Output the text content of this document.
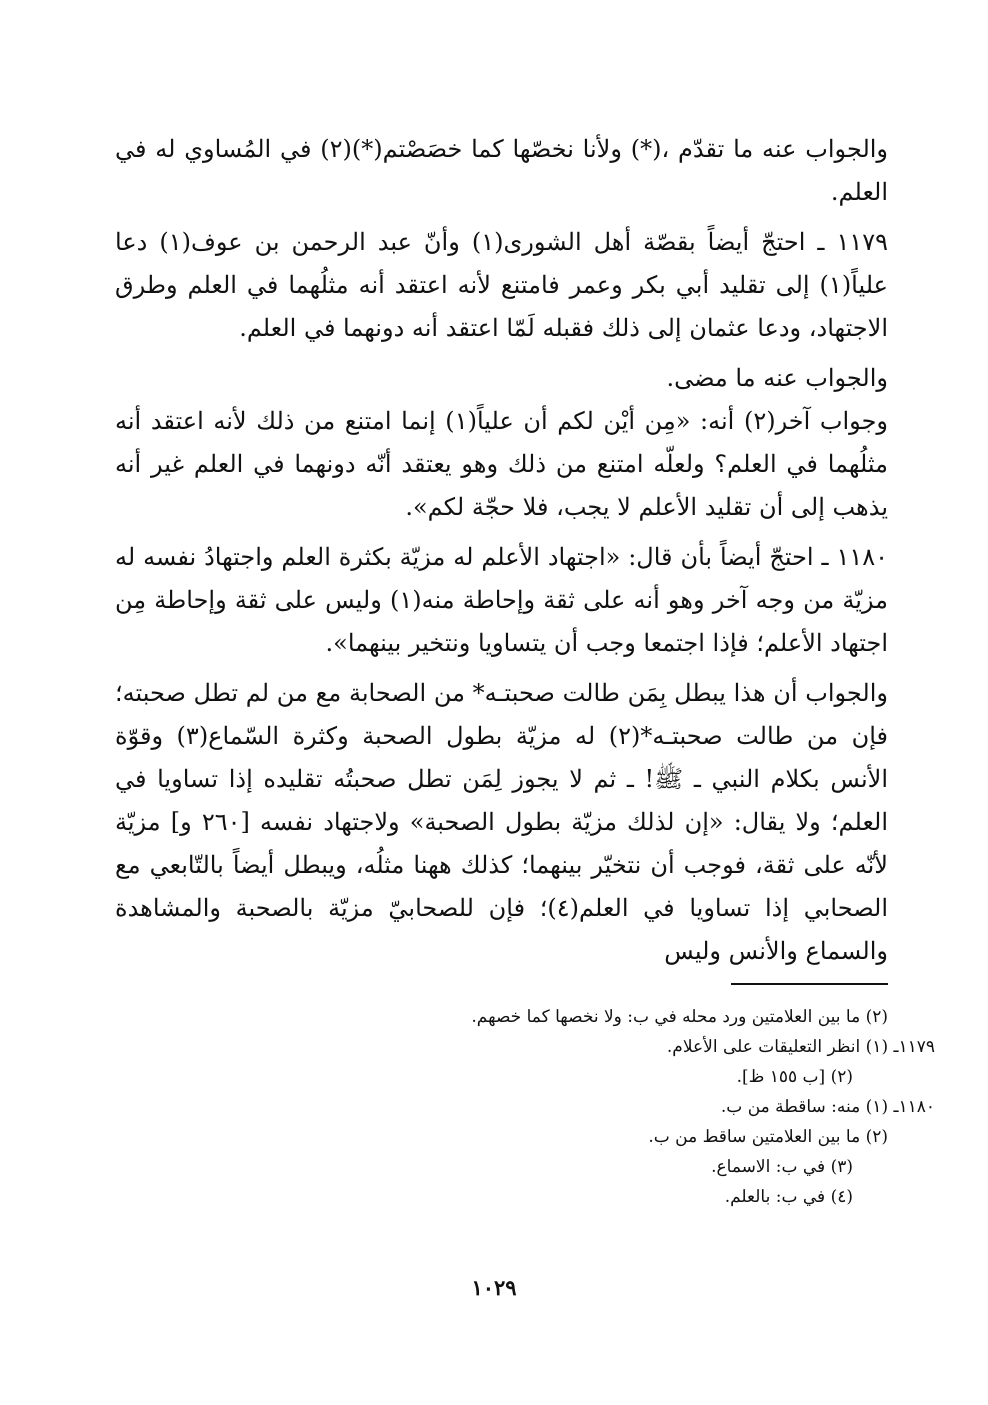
والجواب عنه ما تقدّم ،(*) ولأنا نخصّها كما خصَصْتم(*)(٢) في المُساوي له في العلم.

١١٧٩ ـ احتجّ أيضاً بقصّة أهل الشورى(١) وأنّ عبد الرحمن بن عوف(١) دعا علياً(١) إلى تقليد أبي بكر وعمر فامتنع لأنه اعتقد أنه مثلُهما في العلم وطرق الاجتهاد، ودعا عثمان إلى ذلك فقبله لَمّا اعتقد أنه دونهما في العلم.

والجواب عنه ما مضى.

وجواب آخر(٢) أنه: «مِن أيْن لكم أن علياً(١) إنما امتنع من ذلك لأنه اعتقد أنه مثلُهما في العلم؟ ولعلّه امتنع من ذلك وهو يعتقد أنّه دونهما في العلم غير أنه يذهب إلى أن تقليد الأعلم لا يجب، فلا حجّة لكم».

١١٨٠ ـ احتجّ أيضاً بأن قال: «اجتهاد الأعلم له مزيّة بكثرة العلم واجتهادُ نفسه له مزيّة من وجه آخر وهو أنه على ثقة وإحاطة منه(١) وليس على ثقة وإحاطة مِن اجتهاد الأعلم؛ فإذا اجتمعا وجب أن يتساويا ونتخير بينهما».

والجواب أن هذا يبطل بِمَن طالت صحبتـه* من الصحابة مع من لم تطل صحبته؛ فإن من طالت صحبتـه*(٢) له مزيّة بطول الصحبة وكثرة السّماع(٣) وقوّة الأنس بكلام النبي ـ ﷺ! ـ ثم لا يجوز لِمَن تطل صحبتُه تقليده إذا تساويا في العلم؛ ولا يقال: «إن لذلك مزيّة بطول الصحبة» ولاجتهاد نفسه [٢٦٠ و] مزيّة لأنّه على ثقة، فوجب أن نتخيّر بينهما؛ كذلك ههنا مثلُه، ويبطل أيضاً بالتّابعي مع الصحابي إذا تساويا في العلم(٤)؛ فإن للصحابيّ مزيّة بالصحبة والمشاهدة والسماع والأنس وليس

(٢) ما بين العلامتين ورد محله في ب: ولا نخصها كما خصهم.
١١٧٩ـ (١) انظر التعليقات على الأعلام.
(٢) [ب ١٥٥ ظ].
١١٨٠ـ (١) منه: ساقطة من ب.
(٢) ما بين العلامتين ساقط من ب.
(٣) في ب: الاسماع.
(٤) في ب: بالعلم.
١٠٢٩
